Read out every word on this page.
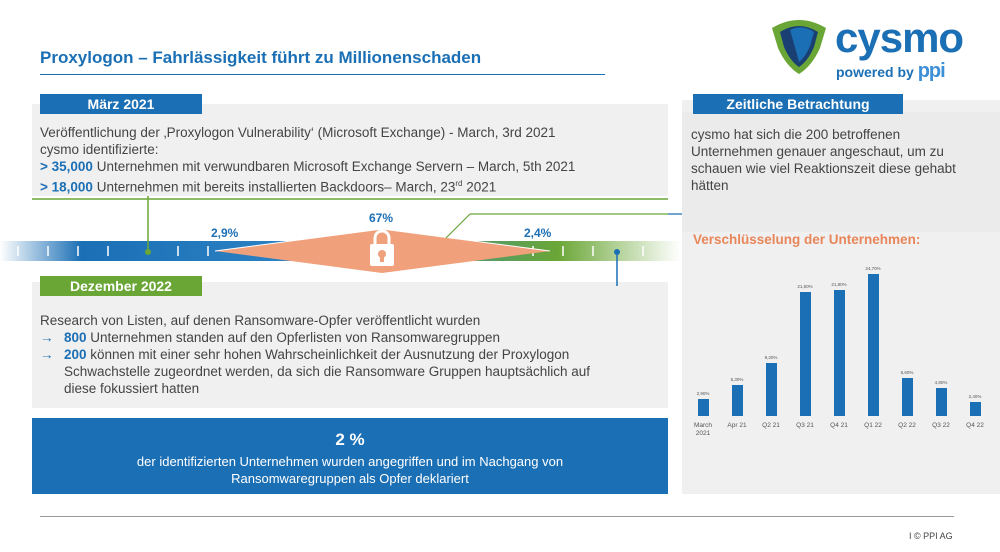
Proxylogon – Fahrlässigkeit führt zu Millionenschaden	cysmo
powered by ppi
März 2021
Veröffentlichung der ‚Proxylogon Vulnerability‘ (Microsoft Exchange) - March, 3rd 2021
cysmo identifizierte:
> 35,000 Unternehmen mit verwundbaren Microsoft Exchange Servern – March, 5th 2021
> 18,000 Unternehmen mit bereits installierten Backdoors– March, 23rd 2021
2,9%
67%
2,4%
Dezember 2022
Research von Listen, auf denen Ransomware-Opfer veröffentlicht wurden
→ 800 Unternehmen standen auf den Opferlisten von Ransomwaregruppen
→ 200 können mit einer sehr hohen Wahrscheinlichkeit der Ausnutzung der Proxylogon Schwachstelle zugeordnet werden, da sich die Ransomware Gruppen hauptsächlich auf diese fokussiert hatten
2 %
der identifizierten Unternehmen wurden angegriffen und im Nachgang von
Ransomwaregruppen als Opfer deklariert
Zeitliche Betrachtung
cysmo hat sich die 200 betroffenen Unternehmen genauer angeschaut, um zu schauen wie viel Reaktionszeit diese gehabt hätten
Verschlüsselung der Unternehmen:
2,90%
March 2021
5,30%
Apr 21
9,20%
Q2 21
21,50%
Q3 21
21,80%
Q4 21
24,70%
Q1 22
6,60%
Q2 22
4,80%
Q3 22
2,40%
Q4 22
I © PPI AG
